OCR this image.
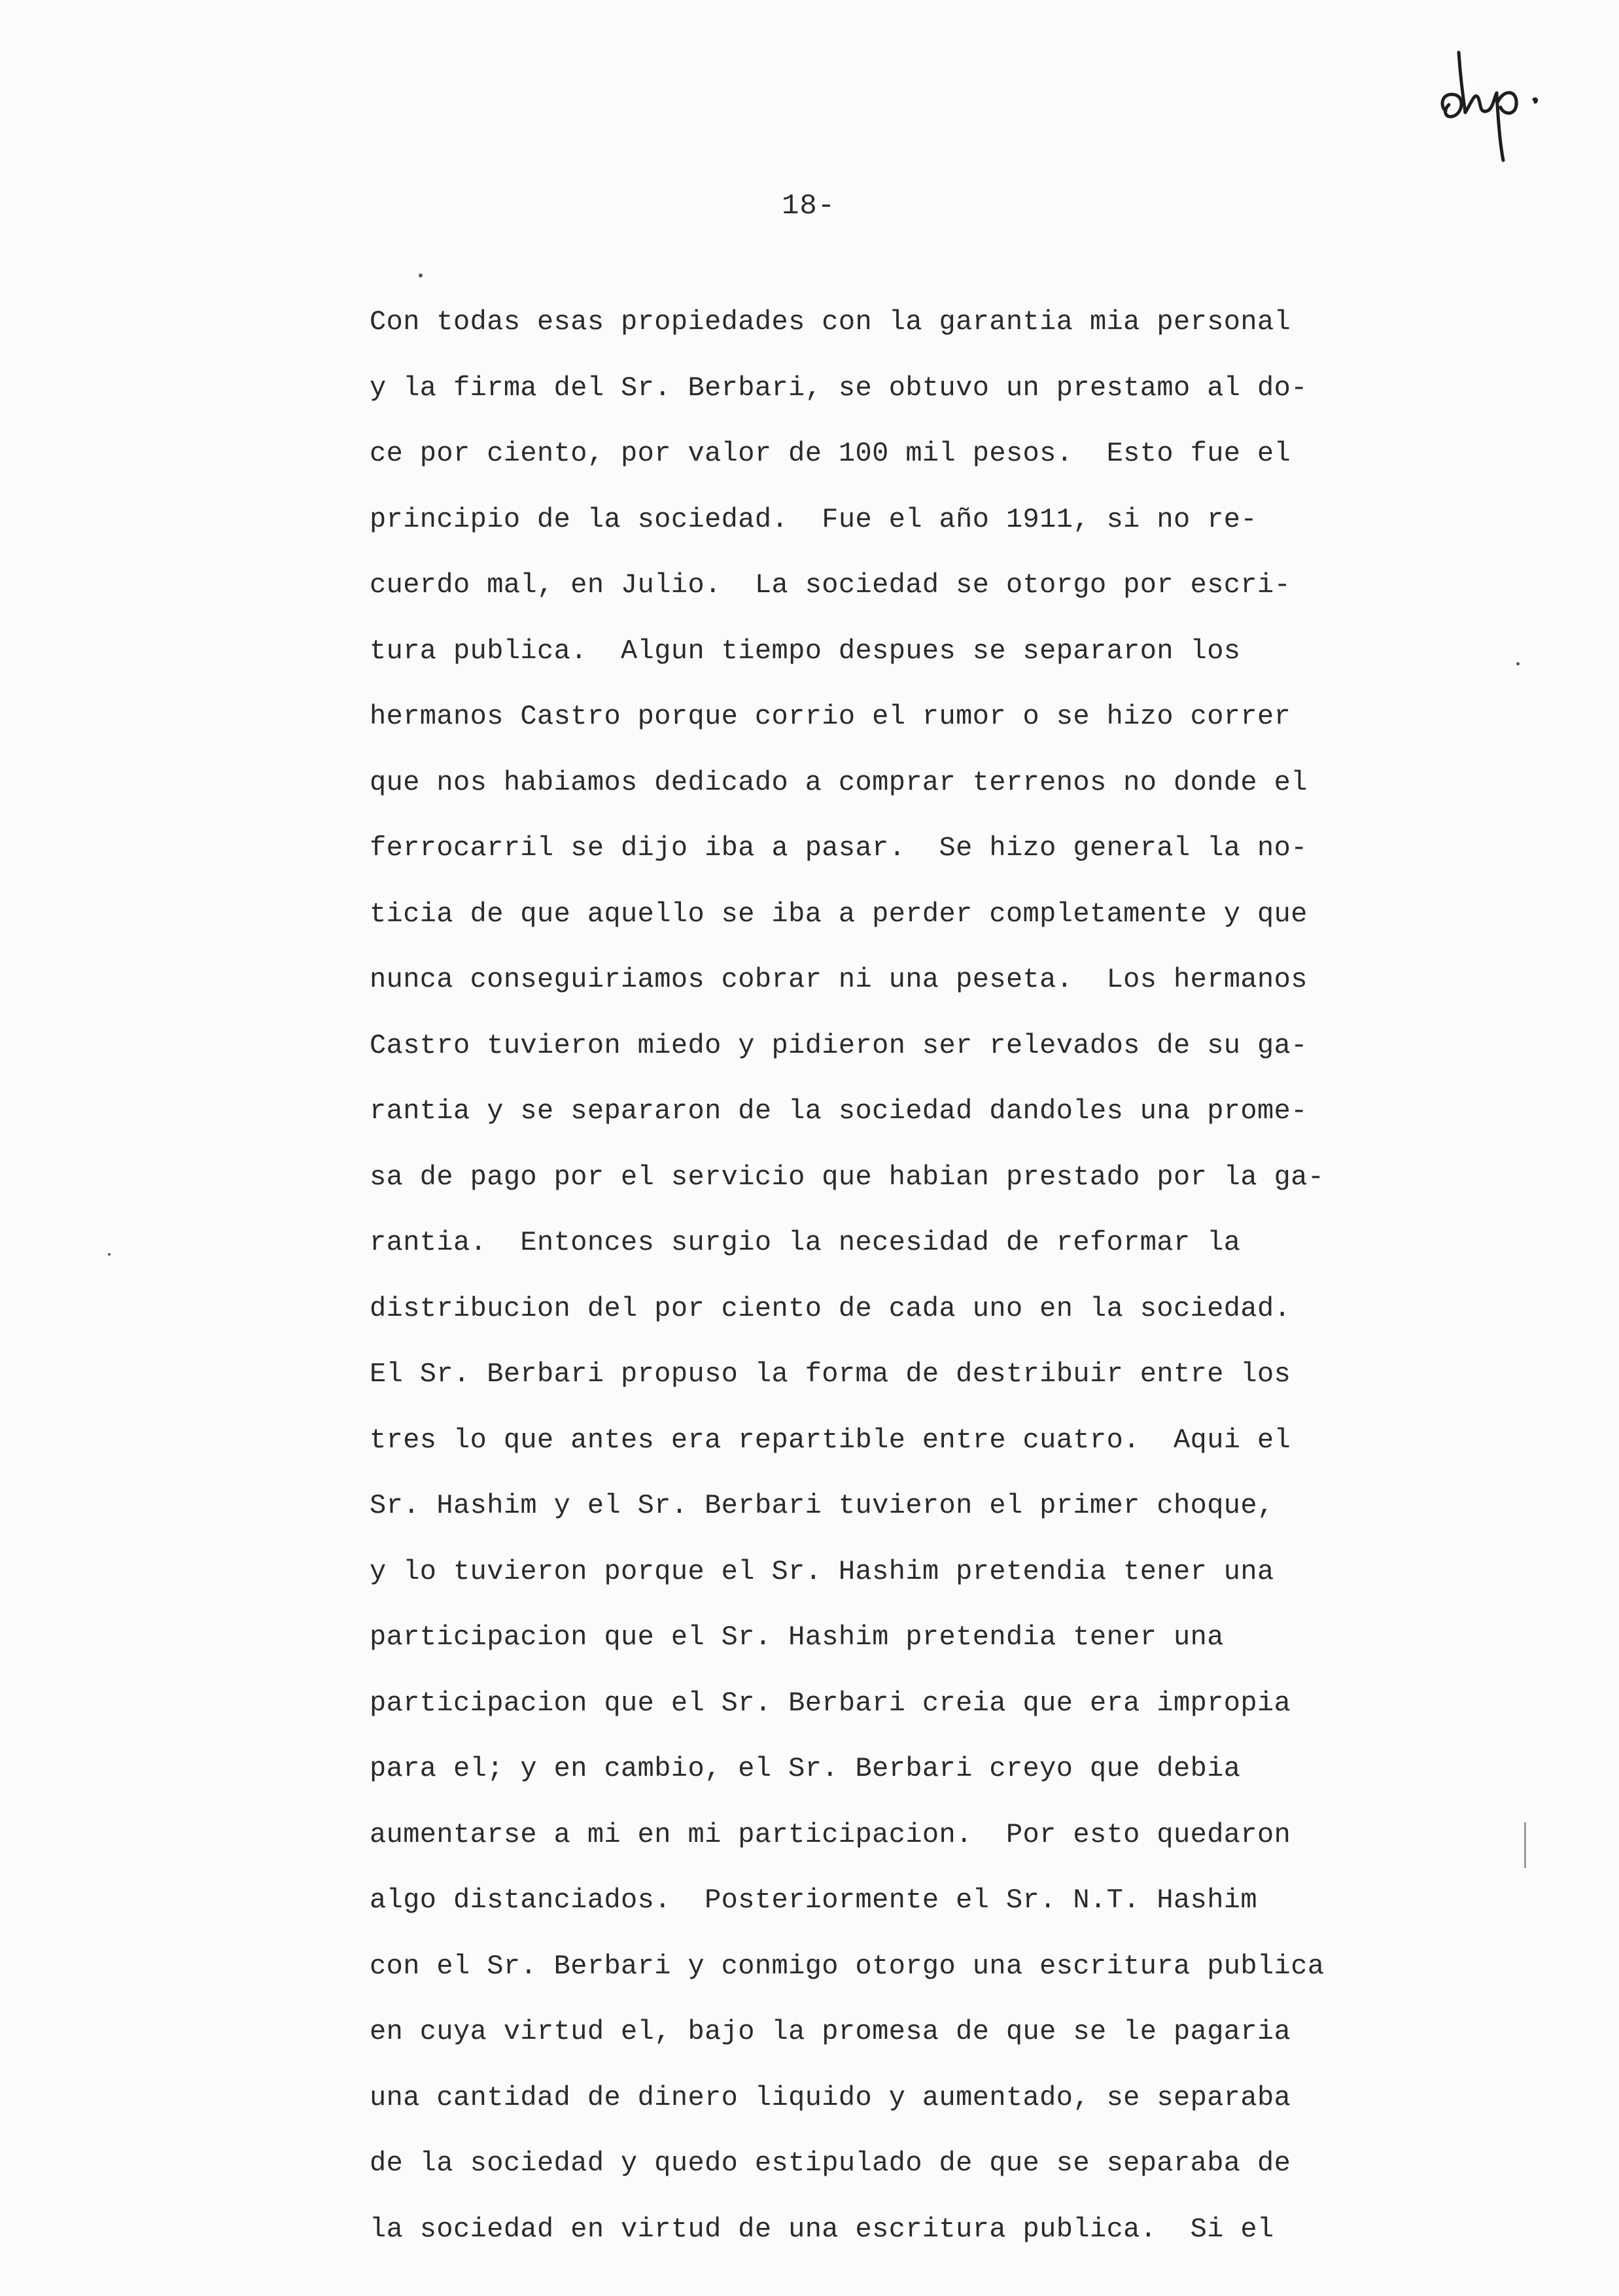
18-
Con todas esas propiedades con la garantia mia personal
y la firma del Sr. Berbari, se obtuvo un prestamo al do-
ce por ciento, por valor de 100 mil pesos.  Esto fue el
principio de la sociedad.  Fue el año 1911, si no re-
cuerdo mal, en Julio.  La sociedad se otorgo por escri-
tura publica.  Algun tiempo despues se separaron los
hermanos Castro porque corrio el rumor o se hizo correr
que nos habiamos dedicado a comprar terrenos no donde el
ferrocarril se dijo iba a pasar.  Se hizo general la no-
ticia de que aquello se iba a perder completamente y que
nunca conseguiriamos cobrar ni una peseta.  Los hermanos
Castro tuvieron miedo y pidieron ser relevados de su ga-
rantia y se separaron de la sociedad dandoles una prome-
sa de pago por el servicio que habian prestado por la ga-
rantia.  Entonces surgio la necesidad de reformar la
distribucion del por ciento de cada uno en la sociedad.
El Sr. Berbari propuso la forma de destribuir entre los
tres lo que antes era repartible entre cuatro.  Aqui el
Sr. Hashim y el Sr. Berbari tuvieron el primer choque,
y lo tuvieron porque el Sr. Hashim pretendia tener una
participacion que el Sr. Hashim pretendia tener una
participacion que el Sr. Berbari creia que era impropia
para el; y en cambio, el Sr. Berbari creyo que debia
aumentarse a mi en mi participacion.  Por esto quedaron
algo distanciados.  Posteriormente el Sr. N.T. Hashim
con el Sr. Berbari y conmigo otorgo una escritura publica
en cuya virtud el, bajo la promesa de que se le pagaria
una cantidad de dinero liquido y aumentado, se separaba
de la sociedad y quedo estipulado de que se separaba de
la sociedad en virtud de una escritura publica.  Si el
